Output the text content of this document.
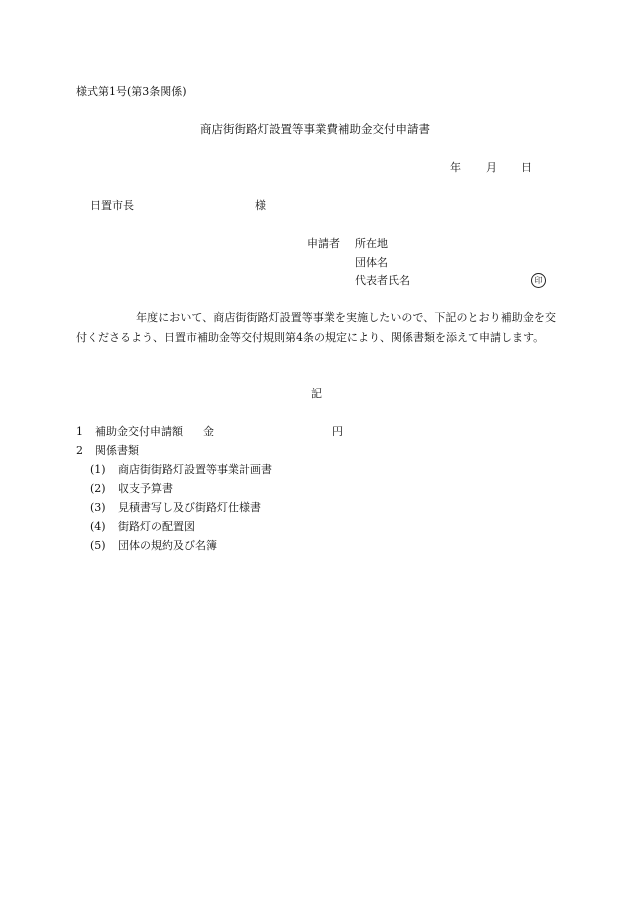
様式第1号(第3条関係)
商店街街路灯設置等事業費補助金交付申請書
年 月 日
日置市長	様
申請者 所在地
団体名
代表者氏名	印
年度において、商店街街路灯設置等事業を実施したいので、下記のとおり補助金を交付くださるよう、日置市補助金等交付規則第4条の規定により、関係書類を添えて申請します。
記
1 補助金交付申請額 金	円
2 関係書類
(1) 商店街街路灯設置等事業計画書
(2) 収支予算書
(3) 見積書写し及び街路灯仕様書
(4) 街路灯の配置図
(5) 団体の規約及び名簿
